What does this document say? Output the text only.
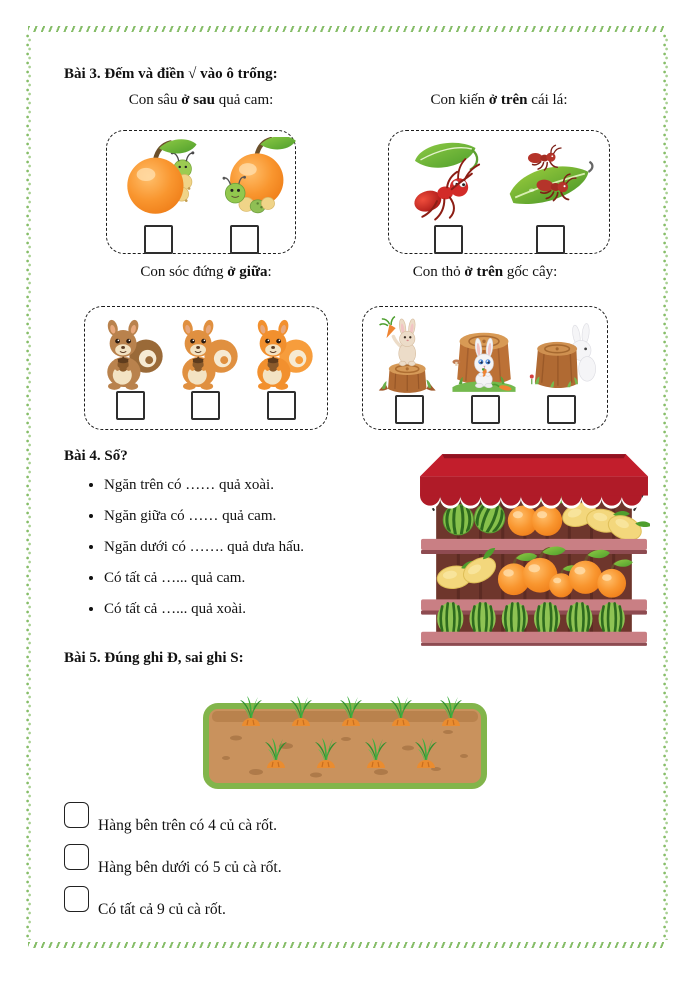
Bài 3. Đếm và điền √ vào ô trống:
Con sâu ở sau quả cam:	Con kiến ở trên cái lá:
Con sóc đứng ở giữa:	Con thỏ ở trên gốc cây:
Bài 4. Số?
• Ngăn trên có …… quả xoài.
• Ngăn giữa có …… quả cam.
• Ngăn dưới có ……. quả dưa hấu.
• Có tất cả …... quả cam.
• Có tất cả …... quả xoài.
Bài 5. Đúng ghi Đ, sai ghi S:
Hàng bên trên có 4 củ cà rốt.
Hàng bên dưới có 5 củ cà rốt.
Có tất cả 9 củ cà rốt.
